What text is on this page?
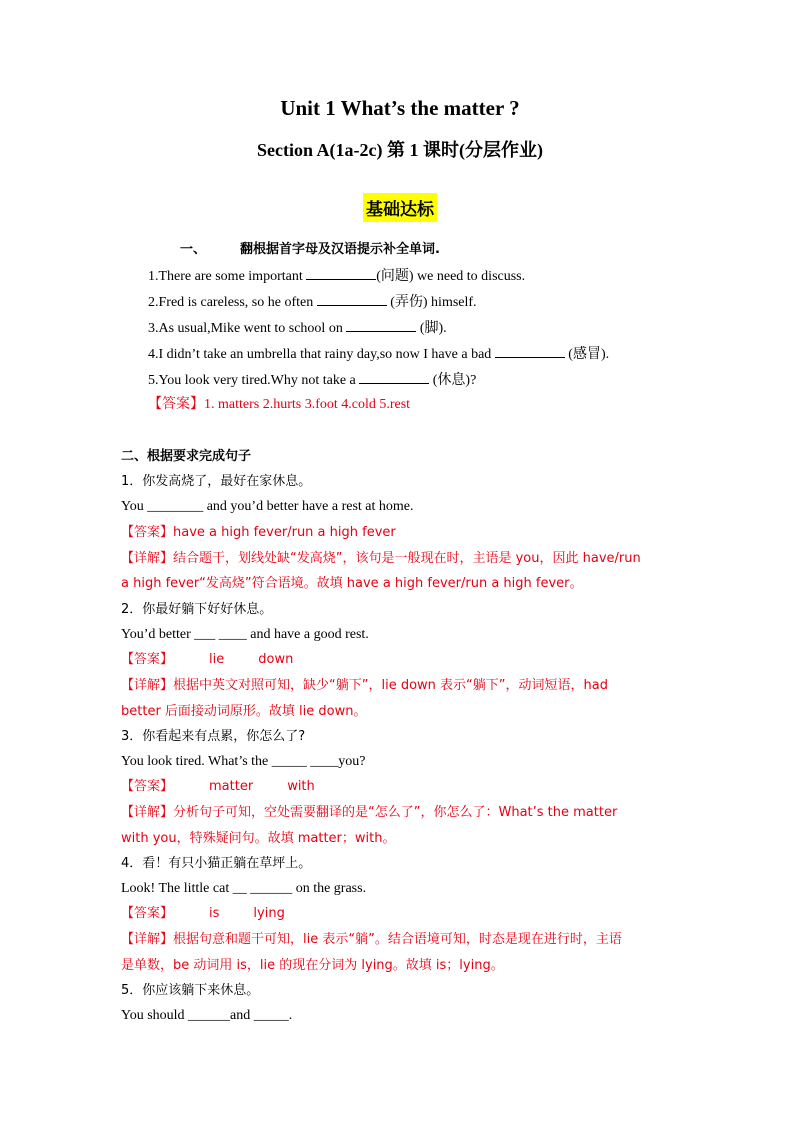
Unit 1 What’s the matter ?
Section A(1a-2c) 第 1 课时(分层作业)
基础达标
一、	翻根据首字母及汉语提示补全单词.
1.There are some important	(问题) we need to discuss.
2.Fred is careless, so he often	(弄伤) himself.
3.As usual,Mike went to school on	(脚).
4.I didn’t take an umbrella that rainy day,so now I have a bad	(感冒).
5.You look very tired.Why not take a	(休息)?
【答案】1. matters 2.hurts 3.foot 4.cold 5.rest
二、根据要求完成句子
1．你发高烧了，最好在家休息。
You ________ and you’d better have a rest at home.
【答案】have a high fever/run a high fever
【详解】结合题干，划线处缺“发高烧”，该句是一般现在时，主语是 you，因此 have/run
a high fever“发高烧”符合语境。故填 have a high fever/run a high fever。
2．你最好躺下好好休息。
You’d better ___ ____ and have a good rest.
【答案】	lie	down
【详解】根据中英文对照可知，缺少“躺下”，lie down 表示“躺下”，动词短语，had
better 后面接动词原形。故填 lie down。
3．你看起来有点累，你怎么了?
You look tired. What’s the _____ ____you?
【答案】	matter	with
【详解】分析句子可知，空处需要翻译的是“怎么了”，你怎么了：What’s the matter
with you，特殊疑问句。故填 matter；with。
4．看！有只小猫正躺在草坪上。
Look! The little cat __ ______ on the grass.
【答案】	is	lying
【详解】根据句意和题干可知，lie 表示“躺”。结合语境可知，时态是现在进行时，主语
是单数，be 动词用 is，lie 的现在分词为 lying。故填 is；lying。
5．你应该躺下来休息。
You should ______and _____.
